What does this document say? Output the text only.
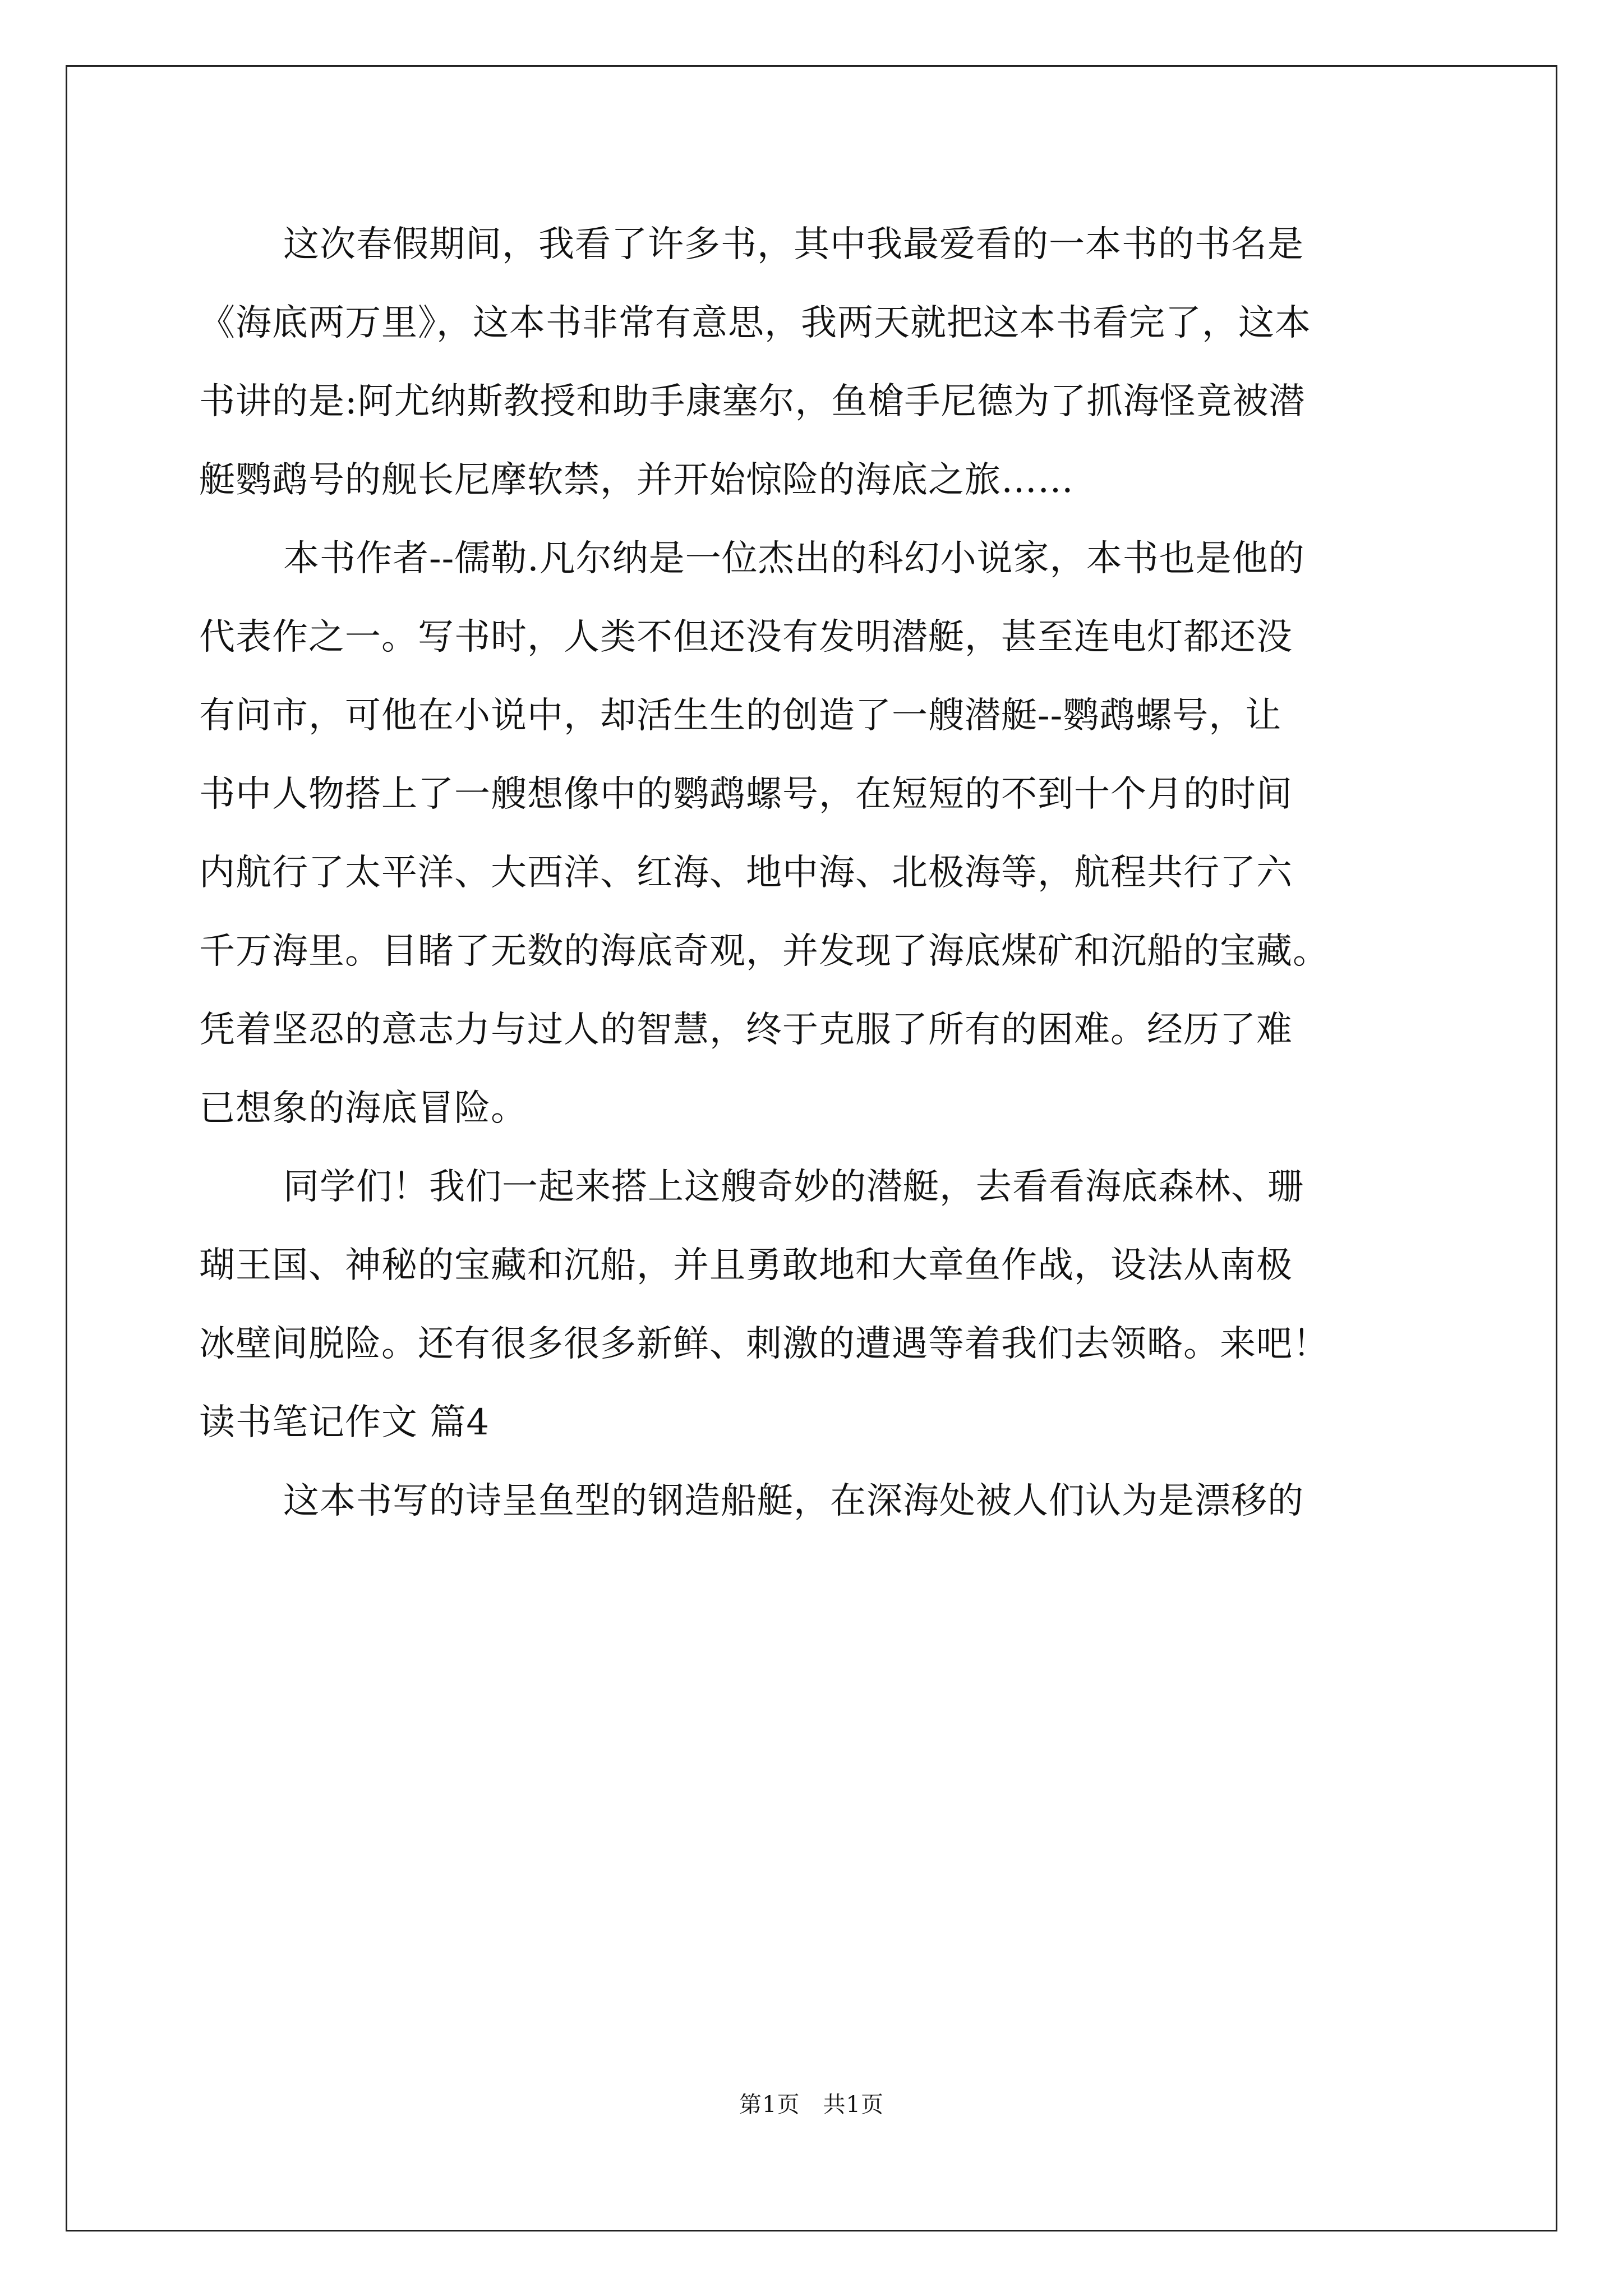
这次春假期间，我看了许多书，其中我最爱看的一本书的书名是
《海底两万里》，这本书非常有意思，我两天就把这本书看完了，这本
书讲的是:阿尤纳斯教授和助手康塞尔，鱼槍手尼德为了抓海怪竟被潜
艇鹦鹉号的舰长尼摩软禁，并开始惊险的海底之旅……
本书作者--儒勒.凡尔纳是一位杰出的科幻小说家，本书也是他的
代表作之一。写书时，人类不但还没有发明潜艇，甚至连电灯都还没
有问市，可他在小说中，却活生生的创造了一艘潜艇--鹦鹉螺号，让
书中人物搭上了一艘想像中的鹦鹉螺号，在短短的不到十个月的时间
内航行了太平洋、大西洋、红海、地中海、北极海等，航程共行了六
千万海里。目睹了无数的海底奇观，并发现了海底煤矿和沉船的宝藏。
凭着坚忍的意志力与过人的智慧，终于克服了所有的困难。经历了难
已想象的海底冒险。
同学们！我们一起来搭上这艘奇妙的潜艇，去看看海底森林、珊
瑚王国、神秘的宝藏和沉船，并且勇敢地和大章鱼作战，设法从南极
冰壁间脱险。还有很多很多新鲜、刺激的遭遇等着我们去领略。来吧！
读书笔记作文 篇4
这本书写的诗呈鱼型的钢造船艇，在深海处被人们认为是漂移的
第1页　共1页
